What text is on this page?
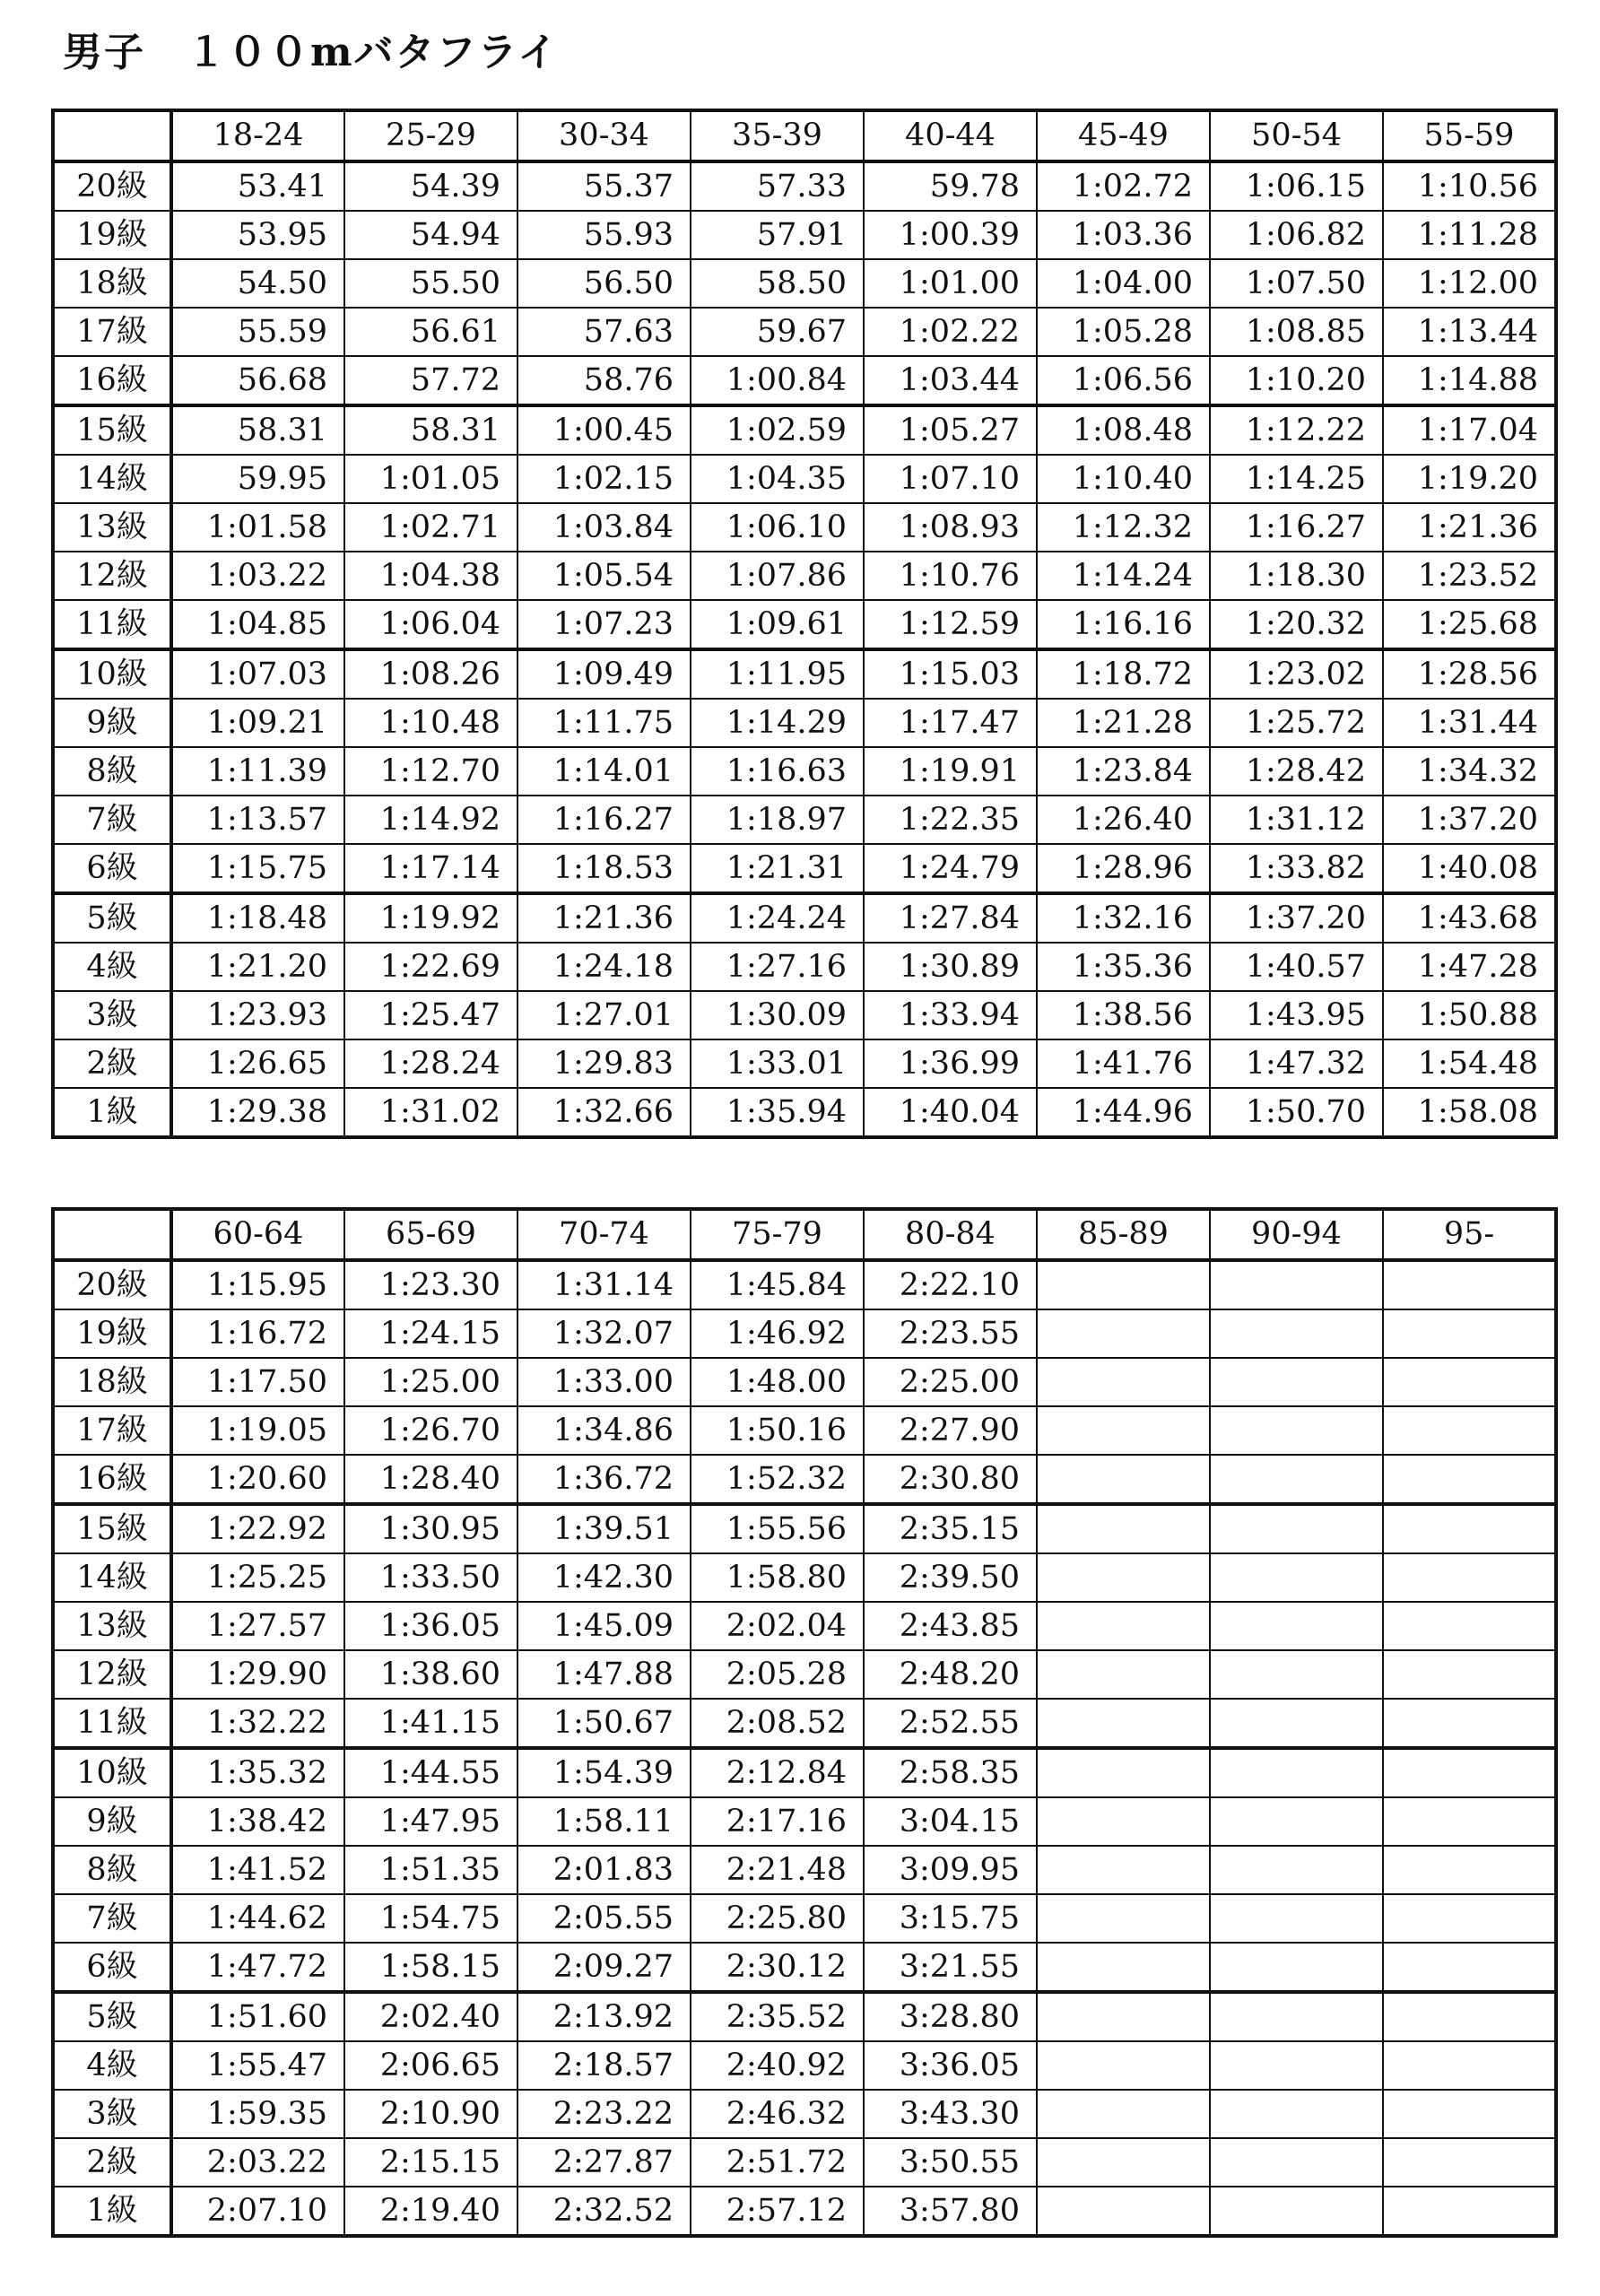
男子　１００mバタフライ
	18-24	25-29	30-34	35-39	40-44	45-49	50-54	55-59
20級	53.41	54.39	55.37	57.33	59.78	1:02.72	1:06.15	1:10.56
19級	53.95	54.94	55.93	57.91	1:00.39	1:03.36	1:06.82	1:11.28
18級	54.50	55.50	56.50	58.50	1:01.00	1:04.00	1:07.50	1:12.00
17級	55.59	56.61	57.63	59.67	1:02.22	1:05.28	1:08.85	1:13.44
16級	56.68	57.72	58.76	1:00.84	1:03.44	1:06.56	1:10.20	1:14.88
15級	58.31	58.31	1:00.45	1:02.59	1:05.27	1:08.48	1:12.22	1:17.04
14級	59.95	1:01.05	1:02.15	1:04.35	1:07.10	1:10.40	1:14.25	1:19.20
13級	1:01.58	1:02.71	1:03.84	1:06.10	1:08.93	1:12.32	1:16.27	1:21.36
12級	1:03.22	1:04.38	1:05.54	1:07.86	1:10.76	1:14.24	1:18.30	1:23.52
11級	1:04.85	1:06.04	1:07.23	1:09.61	1:12.59	1:16.16	1:20.32	1:25.68
10級	1:07.03	1:08.26	1:09.49	1:11.95	1:15.03	1:18.72	1:23.02	1:28.56
9級	1:09.21	1:10.48	1:11.75	1:14.29	1:17.47	1:21.28	1:25.72	1:31.44
8級	1:11.39	1:12.70	1:14.01	1:16.63	1:19.91	1:23.84	1:28.42	1:34.32
7級	1:13.57	1:14.92	1:16.27	1:18.97	1:22.35	1:26.40	1:31.12	1:37.20
6級	1:15.75	1:17.14	1:18.53	1:21.31	1:24.79	1:28.96	1:33.82	1:40.08
5級	1:18.48	1:19.92	1:21.36	1:24.24	1:27.84	1:32.16	1:37.20	1:43.68
4級	1:21.20	1:22.69	1:24.18	1:27.16	1:30.89	1:35.36	1:40.57	1:47.28
3級	1:23.93	1:25.47	1:27.01	1:30.09	1:33.94	1:38.56	1:43.95	1:50.88
2級	1:26.65	1:28.24	1:29.83	1:33.01	1:36.99	1:41.76	1:47.32	1:54.48
1級	1:29.38	1:31.02	1:32.66	1:35.94	1:40.04	1:44.96	1:50.70	1:58.08
	60-64	65-69	70-74	75-79	80-84	85-89	90-94	95-
20級	1:15.95	1:23.30	1:31.14	1:45.84	2:22.10			
19級	1:16.72	1:24.15	1:32.07	1:46.92	2:23.55			
18級	1:17.50	1:25.00	1:33.00	1:48.00	2:25.00			
17級	1:19.05	1:26.70	1:34.86	1:50.16	2:27.90			
16級	1:20.60	1:28.40	1:36.72	1:52.32	2:30.80			
15級	1:22.92	1:30.95	1:39.51	1:55.56	2:35.15			
14級	1:25.25	1:33.50	1:42.30	1:58.80	2:39.50			
13級	1:27.57	1:36.05	1:45.09	2:02.04	2:43.85			
12級	1:29.90	1:38.60	1:47.88	2:05.28	2:48.20			
11級	1:32.22	1:41.15	1:50.67	2:08.52	2:52.55			
10級	1:35.32	1:44.55	1:54.39	2:12.84	2:58.35			
9級	1:38.42	1:47.95	1:58.11	2:17.16	3:04.15			
8級	1:41.52	1:51.35	2:01.83	2:21.48	3:09.95			
7級	1:44.62	1:54.75	2:05.55	2:25.80	3:15.75			
6級	1:47.72	1:58.15	2:09.27	2:30.12	3:21.55			
5級	1:51.60	2:02.40	2:13.92	2:35.52	3:28.80			
4級	1:55.47	2:06.65	2:18.57	2:40.92	3:36.05			
3級	1:59.35	2:10.90	2:23.22	2:46.32	3:43.30			
2級	2:03.22	2:15.15	2:27.87	2:51.72	3:50.55			
1級	2:07.10	2:19.40	2:32.52	2:57.12	3:57.80			
